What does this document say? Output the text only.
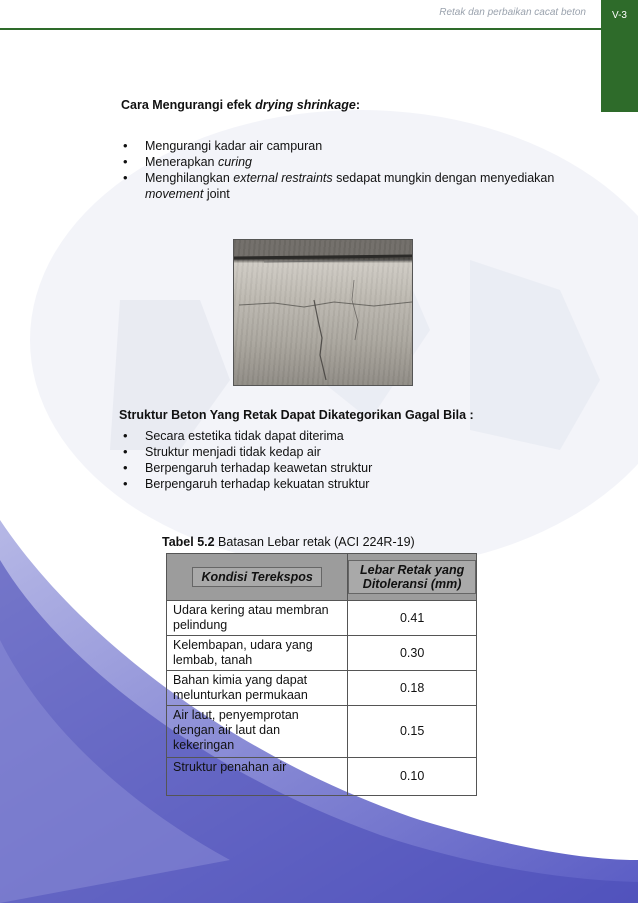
Retak dan perbaikan cacat beton	V-3
Cara Mengurangi efek drying shrinkage:
• Mengurangi kadar air campuran
• Menerapkan curing
• Menghilangkan external restraints sedapat mungkin dengan menyediakan movement joint
Struktur Beton Yang Retak Dapat Dikategorikan Gagal Bila :
• Secara estetika tidak dapat diterima
• Struktur menjadi tidak kedap air
• Berpengaruh terhadap keawetan struktur
• Berpengaruh terhadap kekuatan struktur
Tabel 5.2 Batasan Lebar retak (ACI 224R-19)
Kondisi Terekspos	Lebar Retak yang Ditoleransi (mm)
Udara kering atau membran pelindung	0.41
Kelembapan, udara yang lembab, tanah	0.30
Bahan kimia yang dapat melunturkan permukaan	0.18
Air laut, penyemprotan dengan air laut dan kekeringan	0.15
Struktur penahan air	0.10
